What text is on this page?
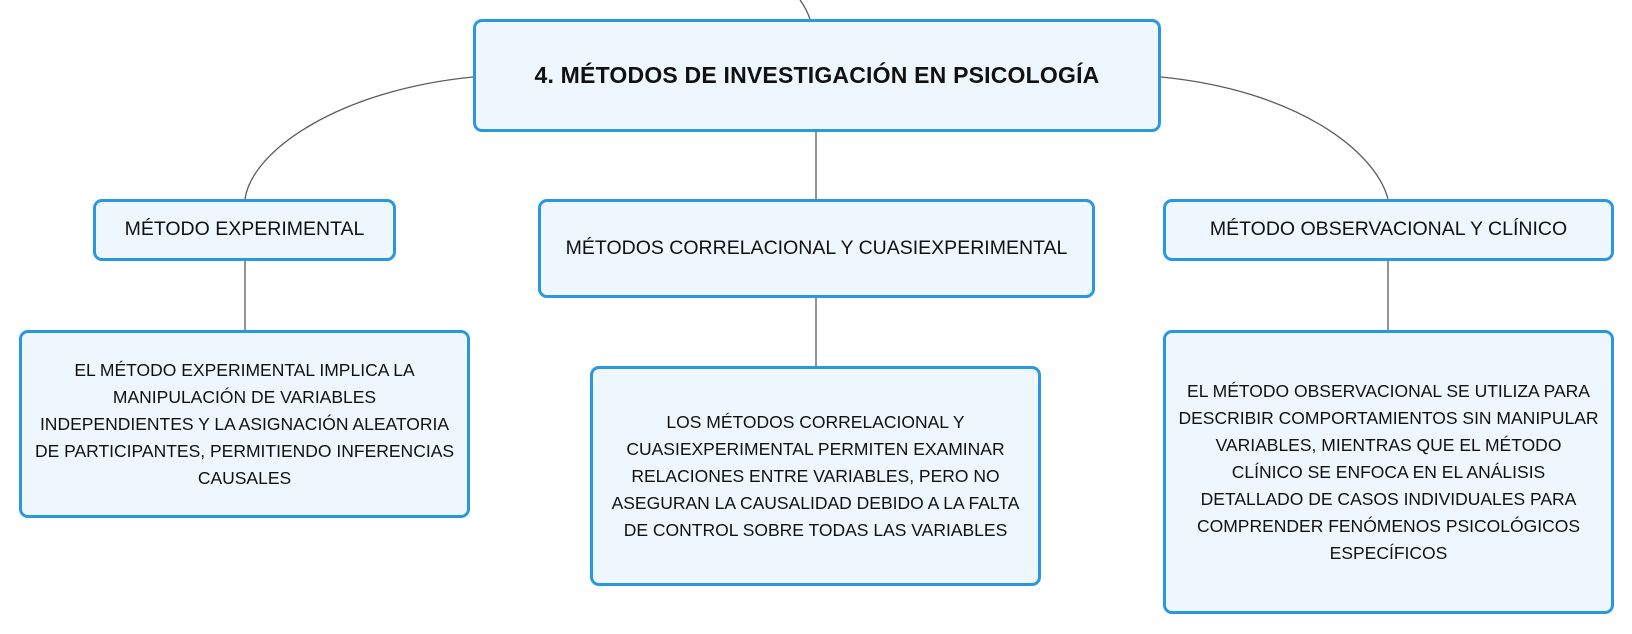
4. MÉTODOS DE INVESTIGACIÓN EN PSICOLOGÍA
MÉTODO EXPERIMENTAL
MÉTODOS CORRELACIONAL Y CUASIEXPERIMENTAL
MÉTODO OBSERVACIONAL Y CLÍNICO
EL MÉTODO EXPERIMENTAL IMPLICA LA MANIPULACIÓN DE VARIABLES INDEPENDIENTES Y LA ASIGNACIÓN ALEATORIA DE PARTICIPANTES, PERMITIENDO INFERENCIAS CAUSALES
LOS MÉTODOS CORRELACIONAL Y CUASIEXPERIMENTAL PERMITEN EXAMINAR RELACIONES ENTRE VARIABLES, PERO NO ASEGURAN LA CAUSALIDAD DEBIDO A LA FALTA DE CONTROL SOBRE TODAS LAS VARIABLES
EL MÉTODO OBSERVACIONAL SE UTILIZA PARA DESCRIBIR COMPORTAMIENTOS SIN MANIPULAR VARIABLES, MIENTRAS QUE EL MÉTODO CLÍNICO SE ENFOCA EN EL ANÁLISIS DETALLADO DE CASOS INDIVIDUALES PARA COMPRENDER FENÓMENOS PSICOLÓGICOS ESPECÍFICOS
